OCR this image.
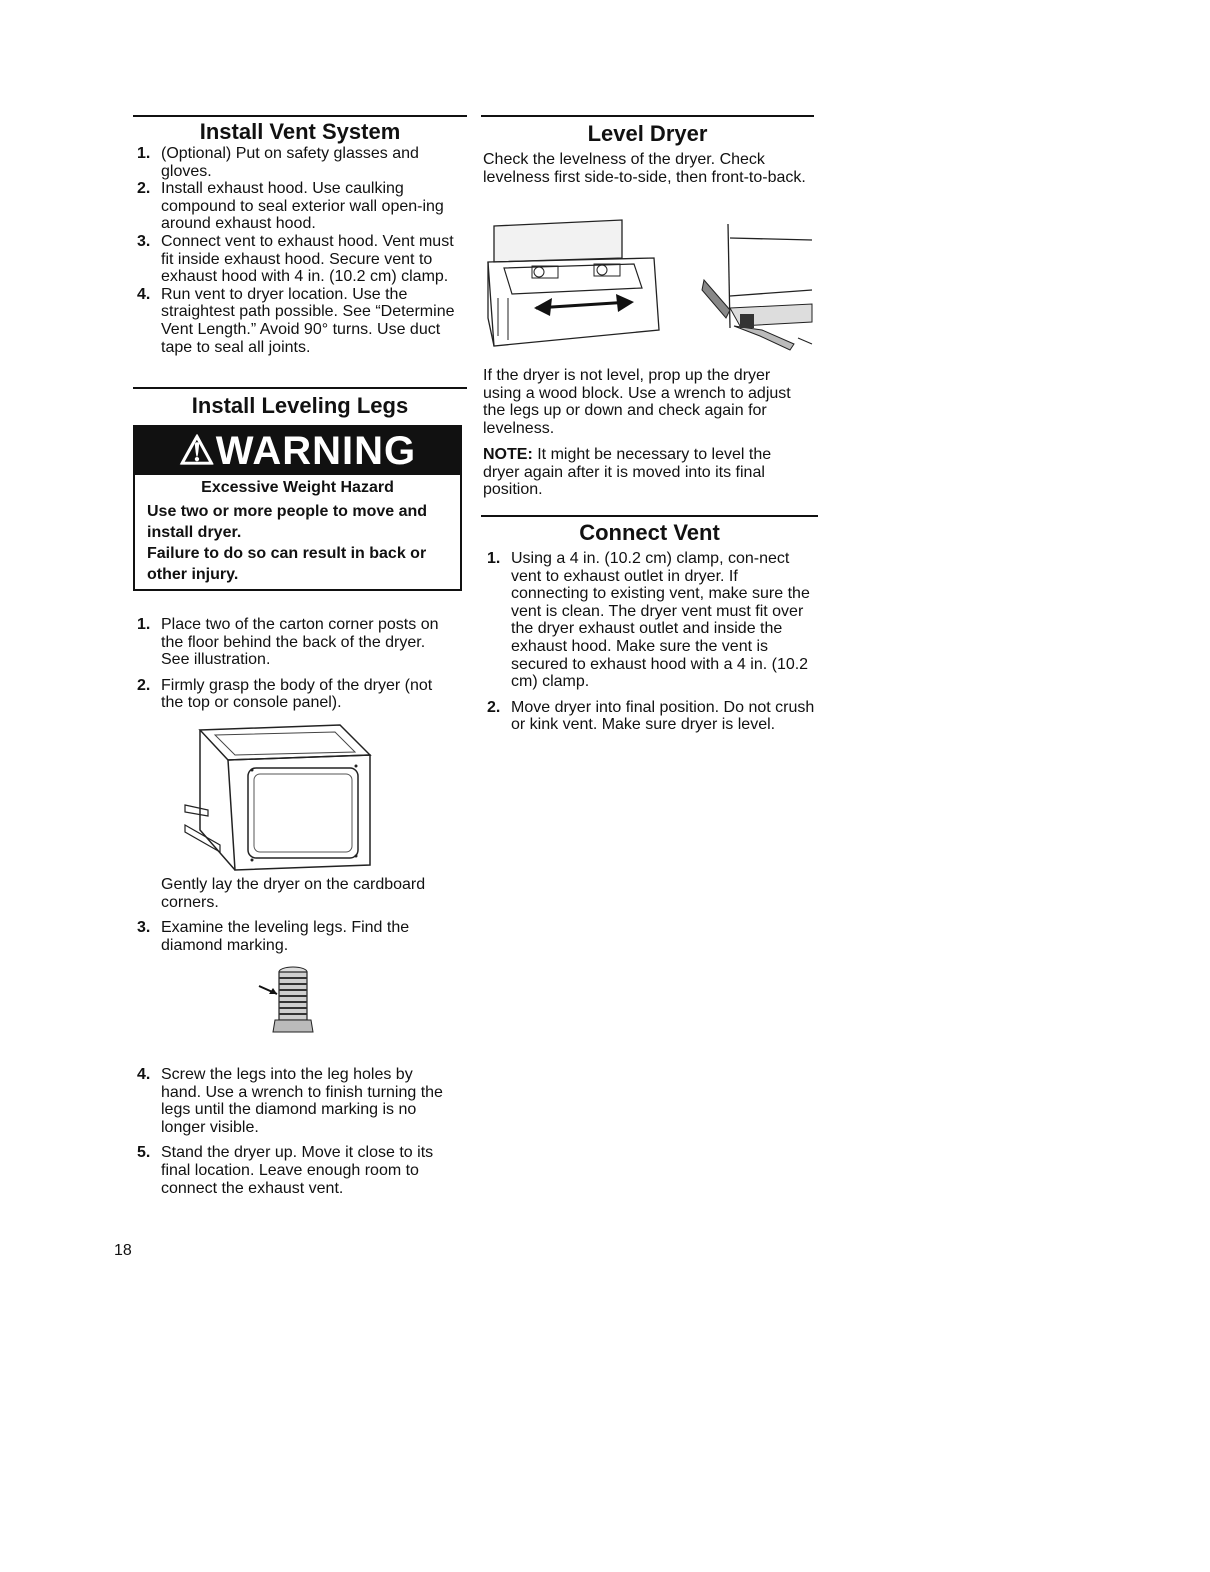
Install Vent System
1. (Optional) Put on safety glasses and gloves.
2. Install exhaust hood. Use caulking compound to seal exterior wall open-ing around exhaust hood.
3. Connect vent to exhaust hood. Vent must fit inside exhaust hood. Secure vent to exhaust hood with 4 in. (10.2 cm) clamp.
4. Run vent to dryer location. Use the straightest path possible. See “Determine Vent Length.” Avoid 90° turns. Use duct tape to seal all joints.
Install Leveling Legs
⚠WARNING
Excessive Weight Hazard
Use two or more people to move and install dryer.
Failure to do so can result in back or other injury.
1. Place two of the carton corner posts on the floor behind the back of the dryer. See illustration.
2. Firmly grasp the body of the dryer (not the top or console panel).
Gently lay the dryer on the cardboard corners.
3. Examine the leveling legs. Find the diamond marking.
4. Screw the legs into the leg holes by hand. Use a wrench to finish turning the legs until the diamond marking is no longer visible.
5. Stand the dryer up. Move it close to its final location. Leave enough room to connect the exhaust vent.
18
Level Dryer
Check the levelness of the dryer. Check levelness first side-to-side, then front-to-back.
If the dryer is not level, prop up the dryer using a wood block. Use a wrench to adjust the legs up or down and check again for levelness.
NOTE: It might be necessary to level the dryer again after it is moved into its final position.
Connect Vent
1. Using a 4 in. (10.2 cm) clamp, con-nect vent to exhaust outlet in dryer. If connecting to existing vent, make sure the vent is clean. The dryer vent must fit over the dryer exhaust outlet and inside the exhaust hood. Make sure the vent is secured to exhaust hood with a 4 in. (10.2 cm) clamp.
2. Move dryer into final position. Do not crush or kink vent. Make sure dryer is level.
